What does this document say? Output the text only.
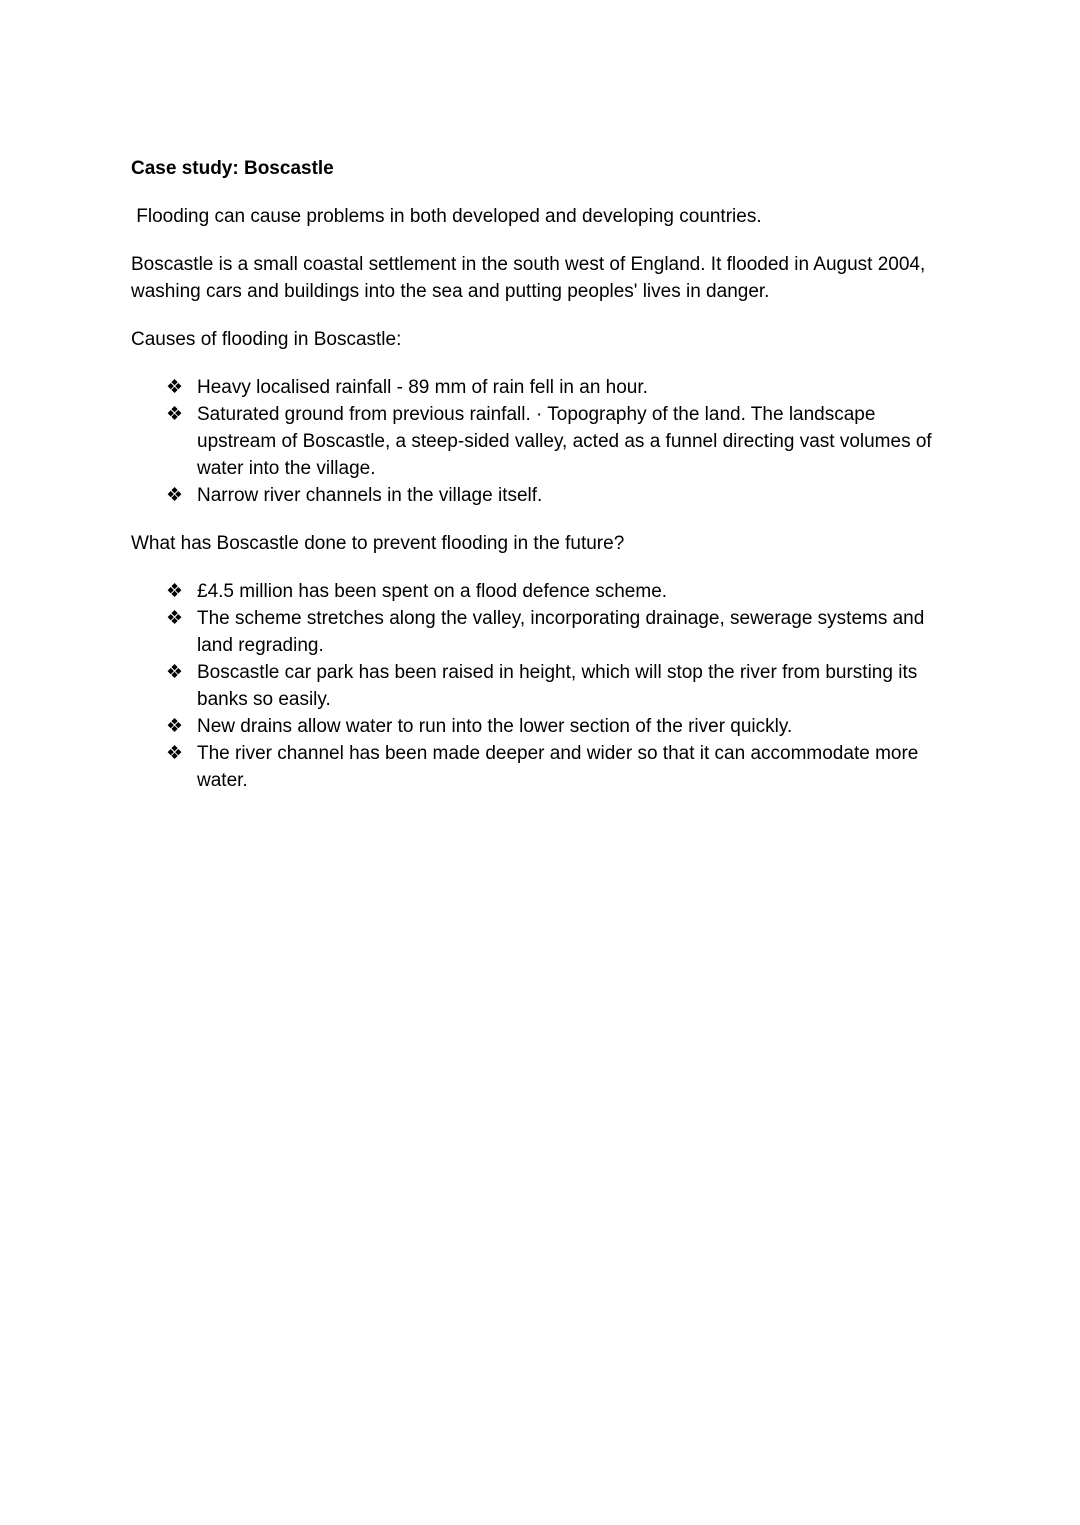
Case study: Boscastle

Flooding can cause problems in both developed and developing countries.

Boscastle is a small coastal settlement in the south west of England. It flooded in August 2004, washing cars and buildings into the sea and putting peoples' lives in danger.

Causes of flooding in Boscastle:

❖ Heavy localised rainfall - 89 mm of rain fell in an hour.
❖ Saturated ground from previous rainfall. · Topography of the land. The landscape upstream of Boscastle, a steep-sided valley, acted as a funnel directing vast volumes of water into the village.
❖ Narrow river channels in the village itself.

What has Boscastle done to prevent flooding in the future?

❖ £4.5 million has been spent on a flood defence scheme.
❖ The scheme stretches along the valley, incorporating drainage, sewerage systems and land regrading.
❖ Boscastle car park has been raised in height, which will stop the river from bursting its banks so easily.
❖ New drains allow water to run into the lower section of the river quickly.
❖ The river channel has been made deeper and wider so that it can accommodate more water.
